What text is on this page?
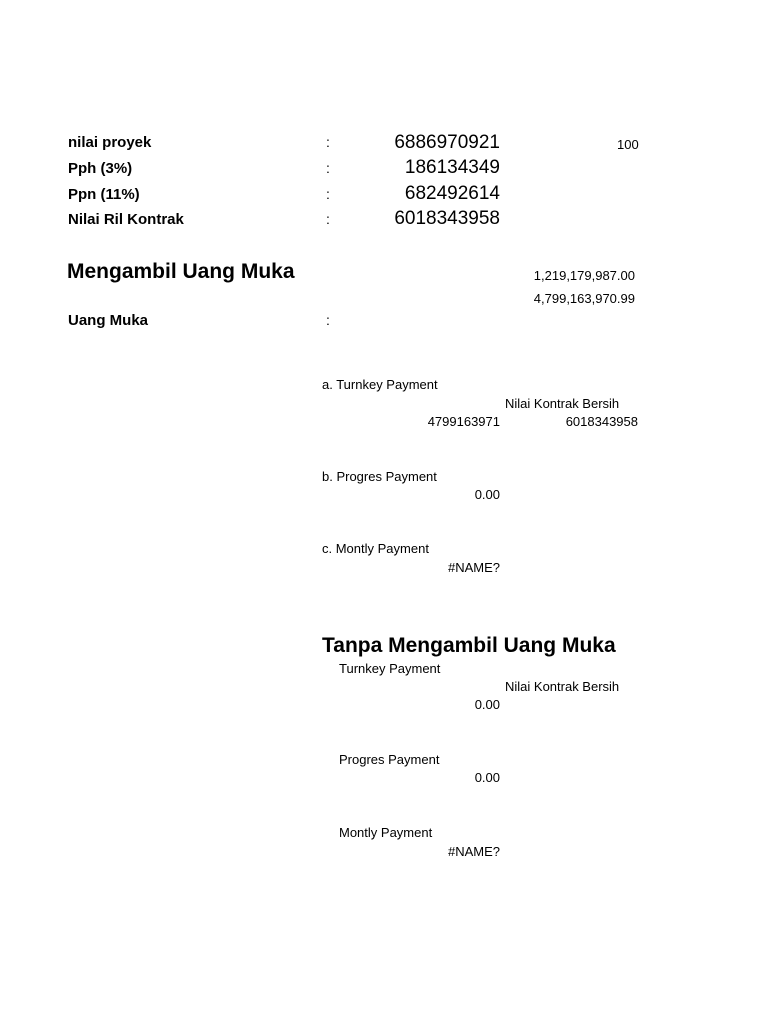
nilai proyek	:	6886970921	100
Pph (3%)	:	186134349
Ppn (11%)	:	682492614
Nilai Ril Kontrak	:	6018343958
Mengambil Uang Muka	1,219,179,987.00
4,799,163,970.99
Uang Muka	:
a. Turnkey Payment
Nilai Kontrak Bersih
4799163971	6018343958
b. Progres Payment
0.00
c. Montly Payment
#NAME?
Tanpa Mengambil Uang Muka
Turnkey Payment
Nilai Kontrak Bersih
0.00
Progres Payment
0.00
Montly Payment
#NAME?
